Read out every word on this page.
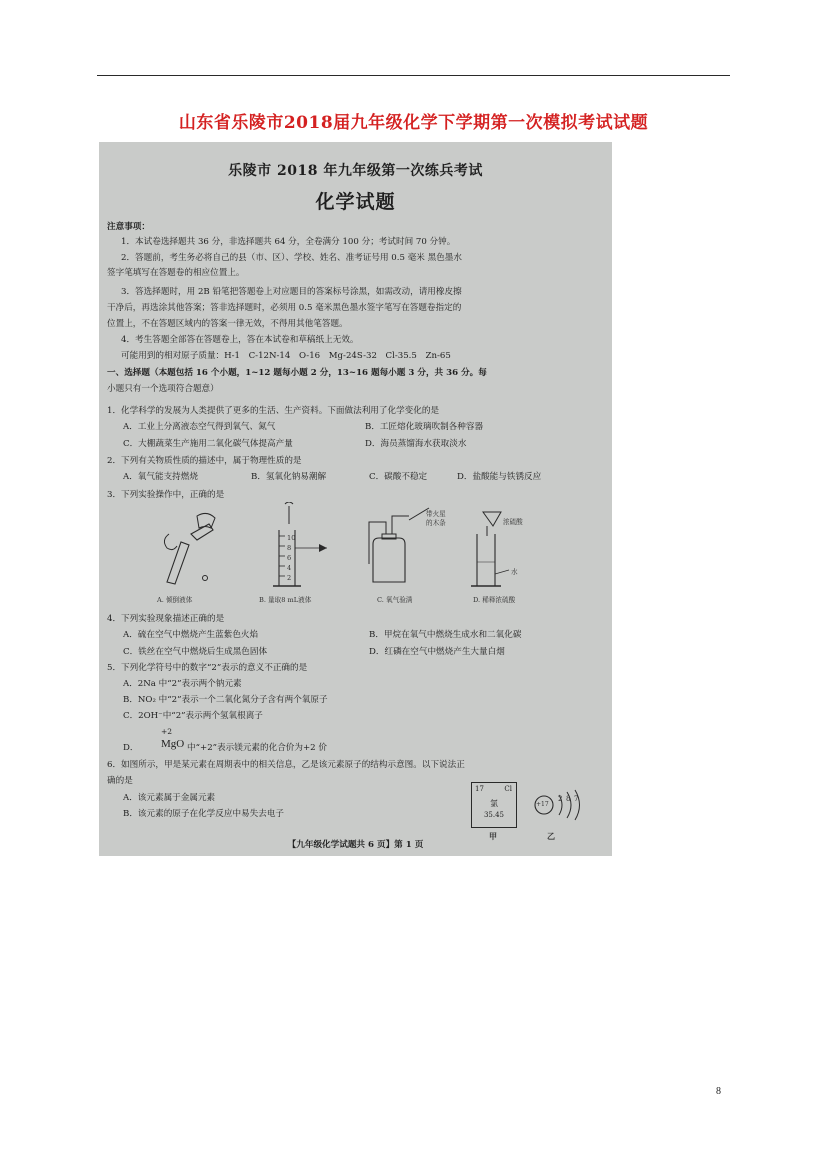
山东省乐陵市2018届九年级化学下学期第一次模拟考试试题
乐陵市 2018 年九年级第一次练兵考试
化学试题
注意事项：
1．本试卷选择题共 36 分，非选择题共 64 分，全卷满分 100 分；考试时间 70 分钟。
2．答题前，考生务必将自己的县（市、区）、学校、姓名、准考证号用 0.5 毫米 黑色墨水
签字笔填写在答题卷的相应位置上。
3．答选择题时，用 2B 铅笔把答题卷上对应题目的答案标号涂黑，如需改动，请用橡皮擦
干净后，再选涂其他答案；答非选择题时，必须用 0.5 毫米黑色墨水签字笔写在答题卷指定的
位置上，不在答题区域内的答案一律无效，不得用其他笔答题。
4．考生答题全部答在答题卷上，答在本试卷和草稿纸上无效。
可能用到的相对原子质量：H-1　C-12N-14　O-16　Mg-24S-32　Cl-35.5　Zn-65
一、选择题（本题包括 16 个小题，1~12 题每小题 2 分，13~16 题每小题 3 分，共 36 分。每
小题只有一个选项符合题意）
1．化学科学的发展为人类提供了更多的生活、生产资料。下面做法利用了化学变化的是
A．工业上分离液态空气得到氧气、氮气	B．工匠熔化玻璃吹制各种容器
C．大棚蔬菜生产施用二氧化碳气体提高产量	D．海员蒸馏海水获取淡水
2．下列有关物质性质的描述中，属于物理性质的是
A．氧气能支持燃烧	B．氢氧化钠易潮解	C．碳酸不稳定	D．盐酸能与铁锈反应
3．下列实验操作中，正确的是
A. 倾倒液体
10
8
6
4
2
B. 量取8 mL液体
带火星
的木条
C. 氧气验满
浓硫酸
水
D. 稀释浓硫酸
4．下列实验现象描述正确的是
A．硫在空气中燃烧产生蓝紫色火焰	B．甲烷在氧气中燃烧生成水和二氧化碳
C．铁丝在空气中燃烧后生成黑色固体	D．红磷在空气中燃烧产生大量白烟
5．下列化学符号中的数字“2”表示的意义不正确的是
A．2Na 中“2”表示两个钠元素
B．NO₂ 中“2”表示一个二氧化氮分子含有两个氧原子
C．2OH⁻中“2”表示两个氢氧根离子
+2
D． MgO 中“+2”表示镁元素的化合价为+2 价
6．如图所示，甲是某元素在周期表中的相关信息，乙是该元素原子的结构示意图。以下说法正
确的是
A．该元素属于金属元素
B．该元素的原子在化学反应中易失去电子
17	Cl
氯
35.45
甲
+17
2 8 7
乙
【九年级化学试题共 6 页】第 1 页
8
